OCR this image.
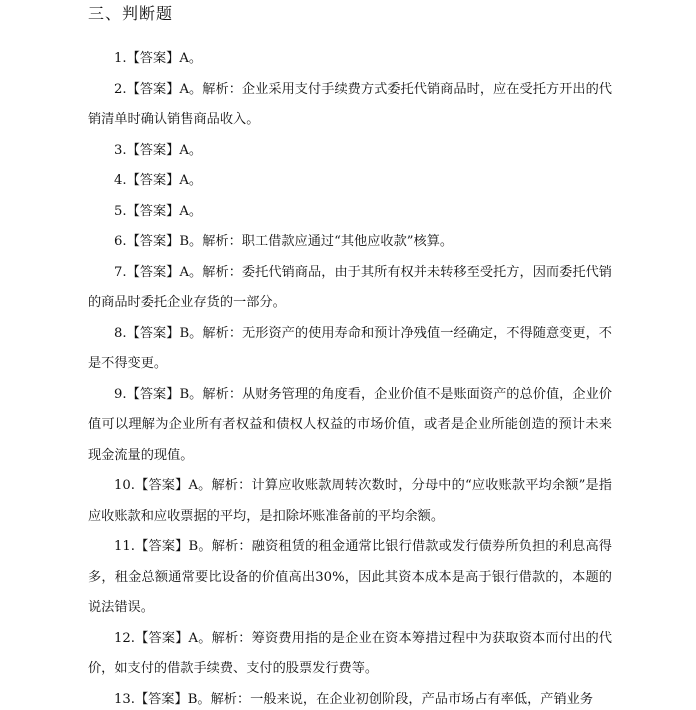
三、判断题

1.【答案】A。

2.【答案】A。解析：企业采用支付手续费方式委托代销商品时，应在受托方开出的代销清单时确认销售商品收入。

3.【答案】A。

4.【答案】A。

5.【答案】A。

6.【答案】B。解析：职工借款应通过“其他应收款”核算。

7.【答案】A。解析：委托代销商品，由于其所有权并未转移至受托方，因而委托代销的商品时委托企业存货的一部分。

8.【答案】B。解析：无形资产的使用寿命和预计净残值一经确定，不得随意变更，不是不得变更。

9.【答案】B。解析：从财务管理的角度看，企业价值不是账面资产的总价值，企业价值可以理解为企业所有者权益和债权人权益的市场价值，或者是企业所能创造的预计未来现金流量的现值。

10.【答案】A。解析：计算应收账款周转次数时，分母中的“应收账款平均余额”是指应收账款和应收票据的平均，是扣除坏账准备前的平均余额。

11.【答案】B。解析：融资租赁的租金通常比银行借款或发行债券所负担的利息高得多，租金总额通常要比设备的价值高出30%，因此其资本成本是高于银行借款的，本题的说法错误。

12.【答案】A。解析：筹资费用指的是企业在资本筹措过程中为获取资本而付出的代价，如支付的借款手续费、支付的股票发行费等。

13.【答案】B。解析：一般来说，在企业初创阶段，产品市场占有率低，产销业务
